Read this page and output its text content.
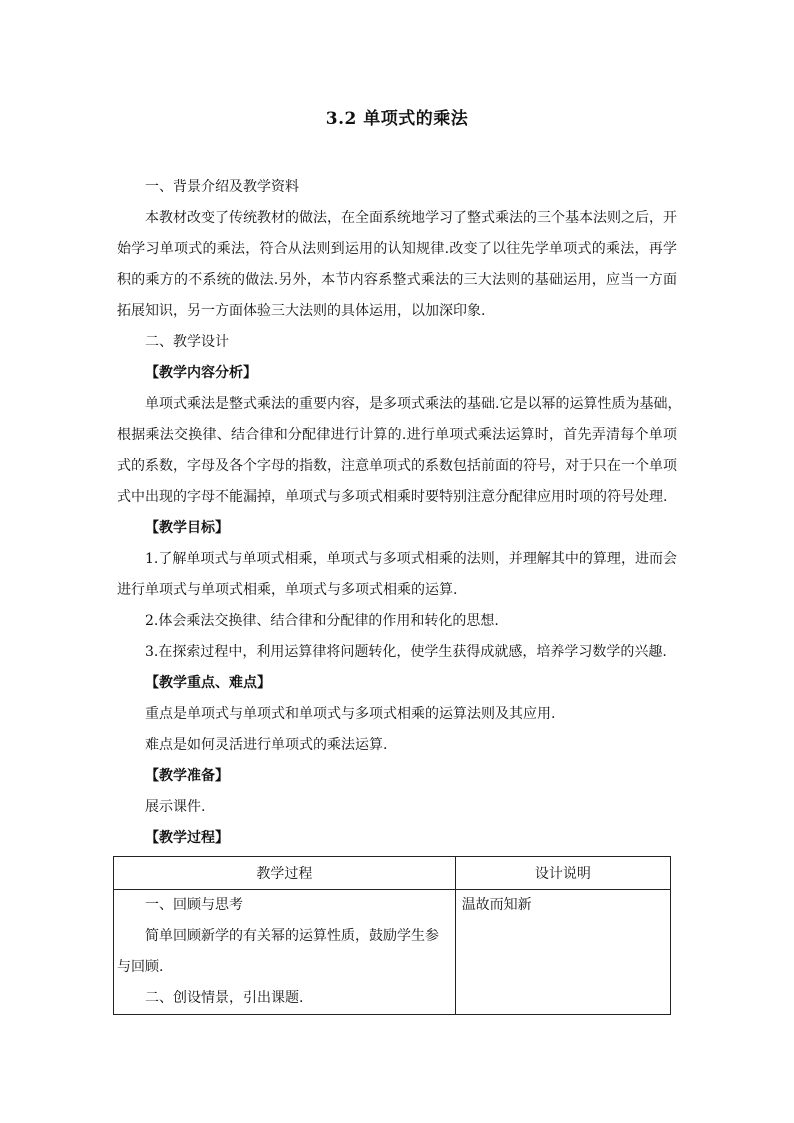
3.2 单项式的乘法
一、背景介绍及教学资料
本教材改变了传统教材的做法，在全面系统地学习了整式乘法的三个基本法则之后，开
始学习单项式的乘法，符合从法则到运用的认知规律.改变了以往先学单项式的乘法，再学
积的乘方的不系统的做法.另外，本节内容系整式乘法的三大法则的基础运用，应当一方面
拓展知识，另一方面体验三大法则的具体运用，以加深印象.
二、教学设计
【教学内容分析】
单项式乘法是整式乘法的重要内容，是多项式乘法的基础.它是以幂的运算性质为基础，
根据乘法交换律、结合律和分配律进行计算的.进行单项式乘法运算时，首先弄清每个单项
式的系数，字母及各个字母的指数，注意单项式的系数包括前面的符号，对于只在一个单项
式中出现的字母不能漏掉，单项式与多项式相乘时要特别注意分配律应用时项的符号处理.
【教学目标】
1.了解单项式与单项式相乘，单项式与多项式相乘的法则，并理解其中的算理，进而会
进行单项式与单项式相乘，单项式与多项式相乘的运算.
2.体会乘法交换律、结合律和分配律的作用和转化的思想.
3.在探索过程中，利用运算律将问题转化，使学生获得成就感，培养学习数学的兴趣.
【教学重点、难点】
重点是单项式与单项式和单项式与多项式相乘的运算法则及其应用.
难点是如何灵活进行单项式的乘法运算.
【教学准备】
展示课件.
【教学过程】
教学过程	设计说明

一、回顾与思考
简单回顾新学的有关幂的运算性质，鼓励学生参
与回顾.
二、创设情景，引出课题.	温故而知新
